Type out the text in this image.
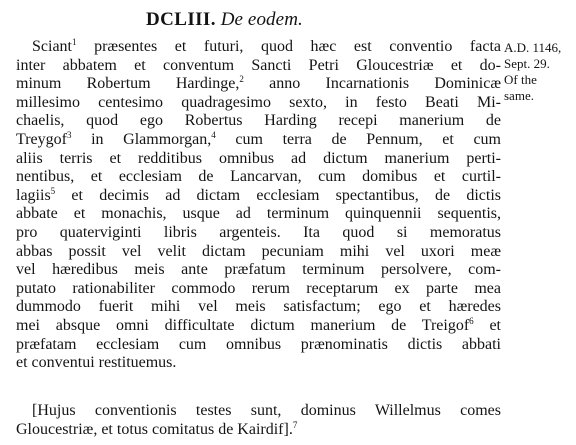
DCLIII. De eodem.
A.D. 1146,
Sept. 29.
Of the
same.
Sciant$^1$ præsentes et futuri, quod hæc est conventio facta
inter abbatem et conventum Sancti Petri Gloucestriæ et do-
minum Robertum Hardinge,$^2$ anno Incarnationis Dominicæ
millesimo centesimo quadragesimo sexto, in festo Beati Mi-
chaelis, quod ego Robertus Harding recepi manerium de
Treygof$^3$ in Glammorgan,$^4$ cum terra de Pennum, et cum
aliis terris et redditibus omnibus ad dictum manerium perti-
nentibus, et ecclesiam de Lancarvan, cum domibus et curtil-
lagiis$^5$ et decimis ad dictam ecclesiam spectantibus, de dictis
abbate et monachis, usque ad terminum quinquennii sequentis,
pro quaterviginti libris argenteis. Ita quod si memoratus
abbas possit vel velit dictam pecuniam mihi vel uxori meæ
vel hæredibus meis ante præfatum terminum persolvere, com-
putato rationabiliter commodo rerum receptarum ex parte mea
dummodo fuerit mihi vel meis satisfactum; ego et hæredes
mei absque omni difficultate dictum manerium de Treigof$^6$ et
præfatam ecclesiam cum omnibus prænominatis dictis abbati
et conventui restituemus.
[Hujus conventionis testes sunt, dominus Willelmus comes
Gloucestriæ, et totus comitatus de Kairdif].$^7$
